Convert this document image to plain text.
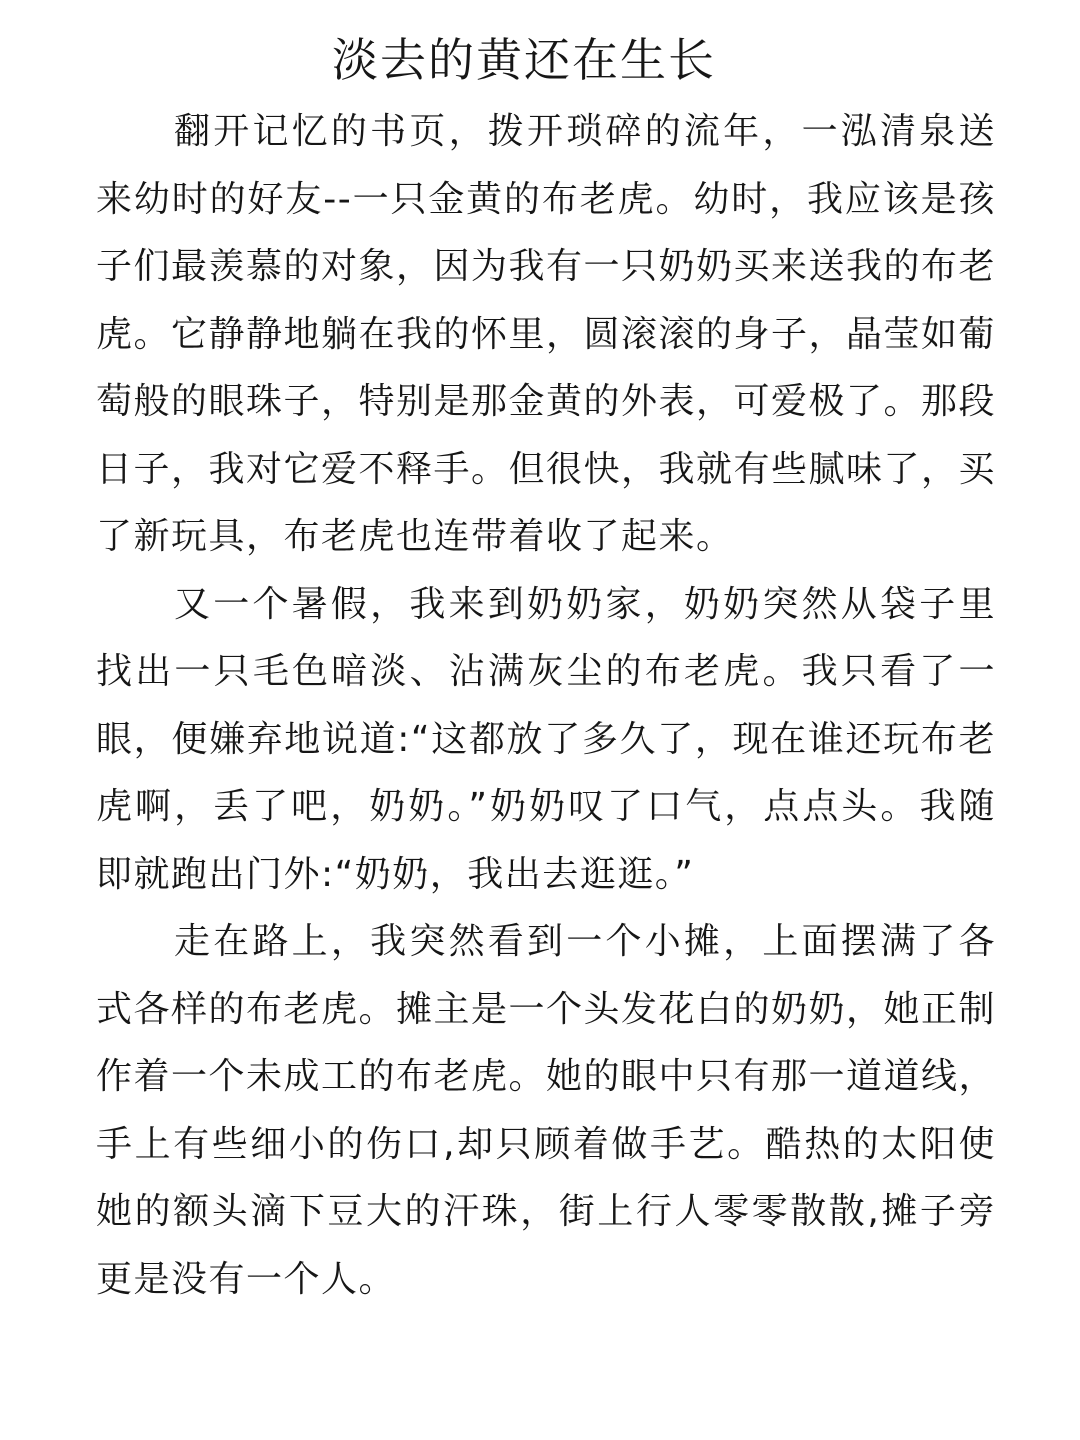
淡去的黄还在生长

翻开记忆的书页，拨开琐碎的流年，一泓清泉送来幼时的好友--一只金黄的布老虎。幼时，我应该是孩子们最羡慕的对象，因为我有一只奶奶买来送我的布老虎。它静静地躺在我的怀里，圆滚滚的身子，晶莹如葡萄般的眼珠子，特别是那金黄的外表，可爱极了。那段日子，我对它爱不释手。但很快，我就有些腻味了，买了新玩具，布老虎也连带着收了起来。

又一个暑假，我来到奶奶家，奶奶突然从袋子里找出一只毛色暗淡、沾满灰尘的布老虎。我只看了一眼，便嫌弃地说道:“这都放了多久了，现在谁还玩布老虎啊，丢了吧，奶奶。”奶奶叹了口气，点点头。我随即就跑出门外:“奶奶，我出去逛逛。”

走在路上，我突然看到一个小摊，上面摆满了各式各样的布老虎。摊主是一个头发花白的奶奶，她正制作着一个未成工的布老虎。她的眼中只有那一道道线，手上有些细小的伤口,却只顾着做手艺。酷热的太阳使她的额头滴下豆大的汗珠，街上行人零零散散,摊子旁更是没有一个人。
